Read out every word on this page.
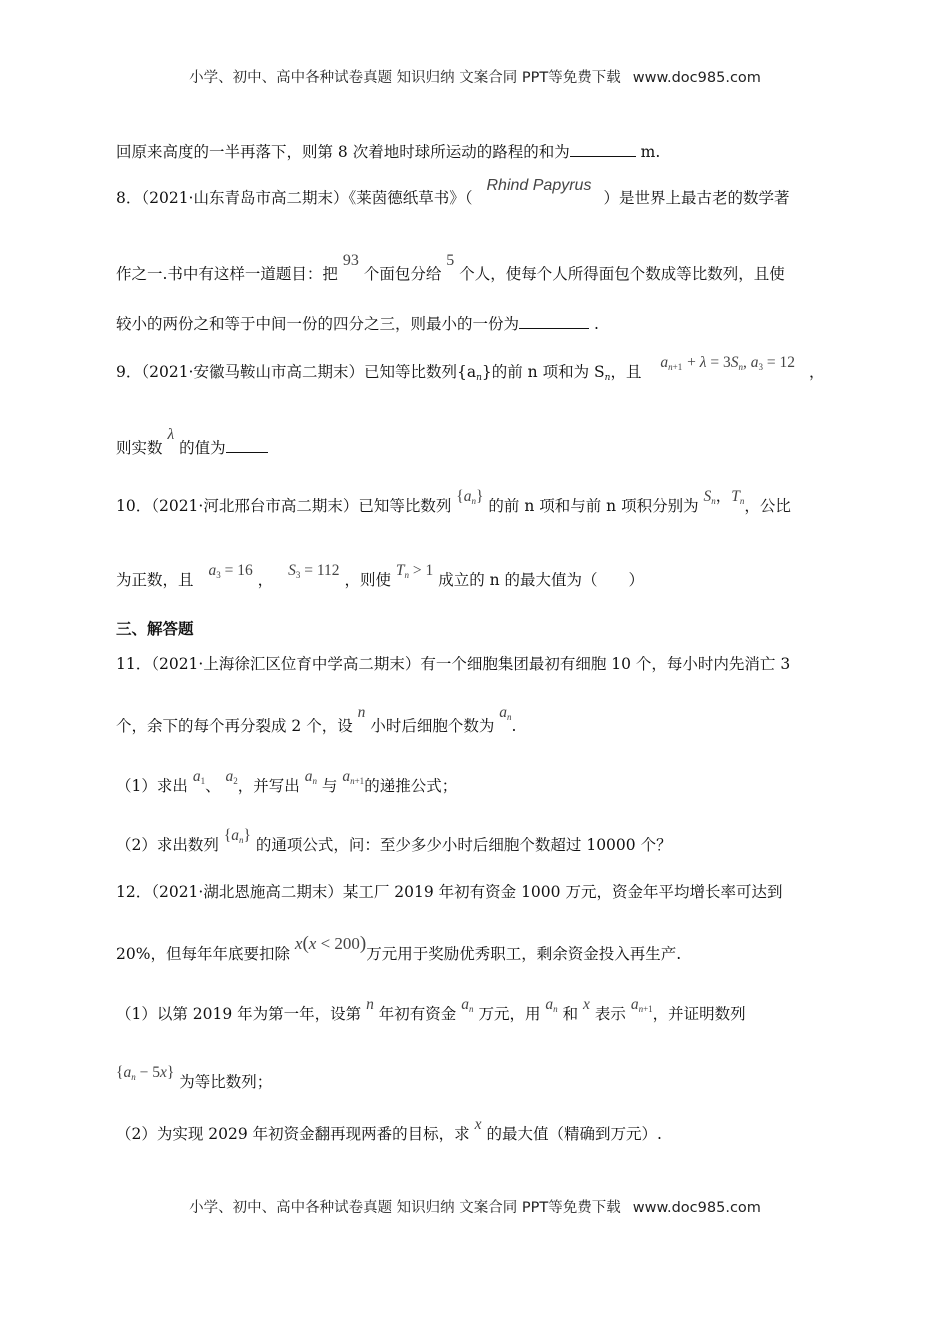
小学、初中、高中各种试卷真题 知识归纳 文案合同 PPT等免费下载 www.doc985.com
回原来高度的一半再落下，则第 8 次着地时球所运动的路程的和为	m.
8．（2021·山东青岛市高二期末）《莱茵德纸草书》（Rhind Papyrus）是世界上最古老的数学著
作之一.书中有这样一道题目：把 93 个面包分给 5 个人，使每个人所得面包个数成等比数列，且使
较小的两份之和等于中间一份的四分之三，则最小的一份为	.
9．（2021·安徽马鞍山市高二期末）已知等比数列$\{a_n\}$的前 n 项和为 $S_n$，且 $a_{n+1} + \lambda = 3S_n$, $a_3 = 12$，
则实数 λ 的值为
10．（2021·河北邢台市高二期末）已知等比数列 $\{a_n\}$ 的前 n 项和与前 n 项积分别为 $S_n$，$T_n$，公比
为正数，且 $a_3 = 16$ ， $S_3 = 112$ ，则使 $T_n > 1$ 成立的 n 的最大值为（　　）
三、解答题
11．（2021·上海徐汇区位育中学高二期末）有一个细胞集团最初有细胞 10 个，每小时内先消亡 3
个，余下的每个再分裂成 2 个，设 n 小时后细胞个数为 $a_n$.
（1）求出 $a_1$、 $a_2$，并写出 $a_n$ 与 $a_{n+1}$的递推公式；
（2）求出数列 $\{a_n\}$ 的通项公式，问：至少多少小时后细胞个数超过 10000 个？
12．（2021·湖北恩施高二期末）某工厂 2019 年初有资金 1000 万元，资金年平均增长率可达到
20%，但每年年底要扣除 x(x < 200)万元用于奖励优秀职工，剩余资金投入再生产.
（1）以第 2019 年为第一年，设第 n 年初有资金 $a_n$ 万元，用 $a_n$ 和 x 表示 $a_{n+1}$，并证明数列
$\{a_n - 5x\}$ 为等比数列；
（2）为实现 2029 年初资金翻再现两番的目标，求 x 的最大值（精确到万元）.
小学、初中、高中各种试卷真题 知识归纳 文案合同 PPT等免费下载 www.doc985.com
